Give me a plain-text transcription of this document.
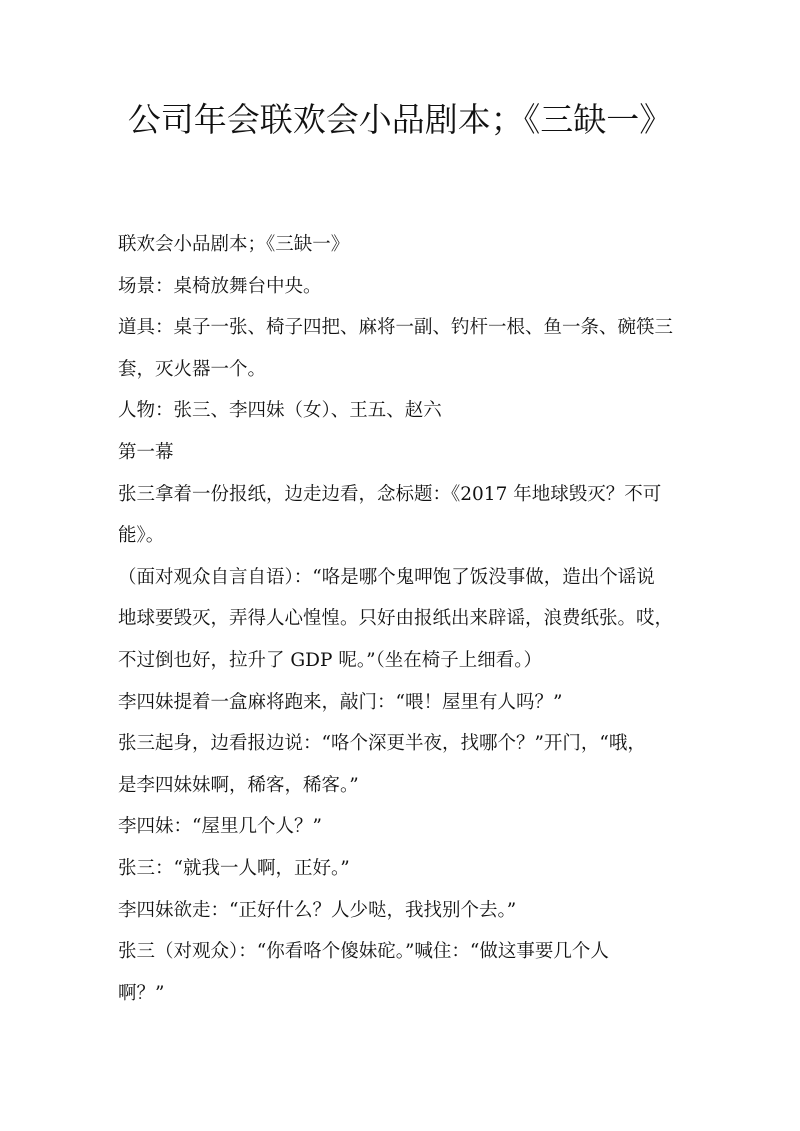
公司年会联欢会小品剧本；《三缺一》

联欢会小品剧本；《三缺一》

场景：桌椅放舞台中央。

道具：桌子一张、椅子四把、麻将一副、钓杆一根、鱼一条、碗筷三

套，灭火器一个。

人物：张三、李四妹（女）、王五、赵六

第一幕

张三拿着一份报纸，边走边看，念标题：《2017 年地球毁灭？不可

能》。

（面对观众自言自语）：“咯是哪个鬼呷饱了饭没事做，造出个谣说

地球要毁灭，弄得人心惶惶。只好由报纸出来辟谣，浪费纸张。哎，

不过倒也好，拉升了 GDP 呢。”（坐在椅子上细看。）

李四妹提着一盒麻将跑来，敲门：“喂！屋里有人吗？”

张三起身，边看报边说：“咯个深更半夜，找哪个？”开门，“哦，

是李四妹妹啊，稀客，稀客。”

李四妹：“屋里几个人？”

张三：“就我一人啊，正好。”

李四妹欲走：“正好什么？人少哒，我找别个去。”

张三（对观众）：“你看咯个傻妹砣。”喊住：“做这事要几个人

啊？”
